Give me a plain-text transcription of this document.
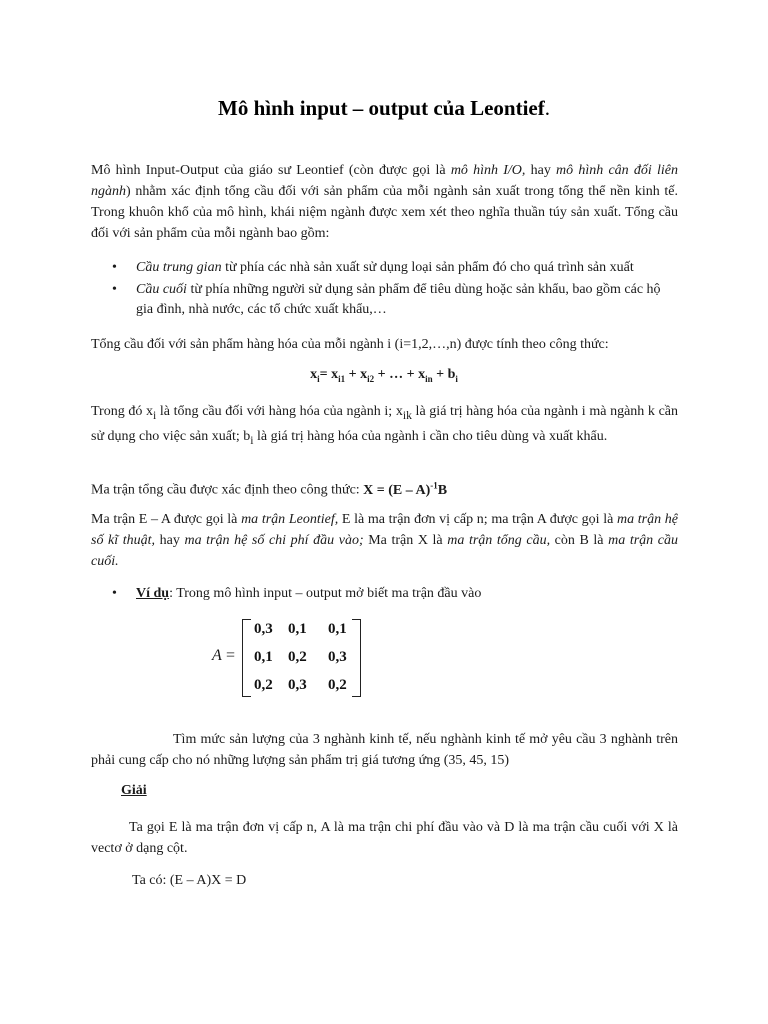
Mô hình input – output của Leontief.

Mô hình Input-Output của giáo sư Leontief (còn được gọi là mô hình I/O, hay mô hình cân đối liên ngành) nhằm xác định tổng cầu đối với sản phẩm của mỗi ngành sản xuất trong tổng thể nền kinh tế. Trong khuôn khổ của mô hình, khái niệm ngành được xem xét theo nghĩa thuần túy sản xuất. Tổng cầu đối với sản phẩm của mỗi ngành bao gồm:

• Cầu trung gian từ phía các nhà sản xuất sử dụng loại sản phẩm đó cho quá trình sản xuất
• Cầu cuối từ phía những người sử dụng sản phẩm để tiêu dùng hoặc sản khẩu, bao gồm các hộ gia đình, nhà nước, các tổ chức xuất khẩu,…

Tổng cầu đối với sản phẩm hàng hóa của mỗi ngành i (i=1,2,…,n) được tính theo công thức:

$x_i= x_{i1} + x_{i2}$ + … + $x_{in} + b_i$

Trong đó $x_i$ là tổng cầu đối với hàng hóa của ngành i; $x_{ik}$ là giá trị hàng hóa của ngành i mà ngành k cần sử dụng cho việc sản xuất; $b_i$ là giá trị hàng hóa của ngành i cần cho tiêu dùng và xuất khẩu.

Ma trận tổng cầu được xác định theo công thức: X = (E – A)$^{-1}$B

Ma trận E – A được gọi là ma trận Leontief, E là ma trận đơn vị cấp n; ma trận A được gọi là ma trận hệ số kĩ thuật, hay ma trận hệ số chi phí đầu vào; Ma trận X là ma trận tổng cầu, còn B là ma trận cầu cuối.

• Ví dụ: Trong mô hình input – output mở biết ma trận đầu vào
A =
0,3 0,1 0,1
0,1 0,2 0,3
0,2 0,3 0,2

Tìm mức sản lượng của 3 nghành kinh tế, nếu nghành kinh tế mở yêu cầu 3 nghành trên phải cung cấp cho nó những lượng sản phẩm trị giá tương ứng (35, 45, 15)

Giải

Ta gọi E là ma trận đơn vị cấp n, A là ma trận chi phí đầu vào và D là ma trận cầu cuối với X là vectơ ở dạng cột.

Ta có: (E – A)X = D
